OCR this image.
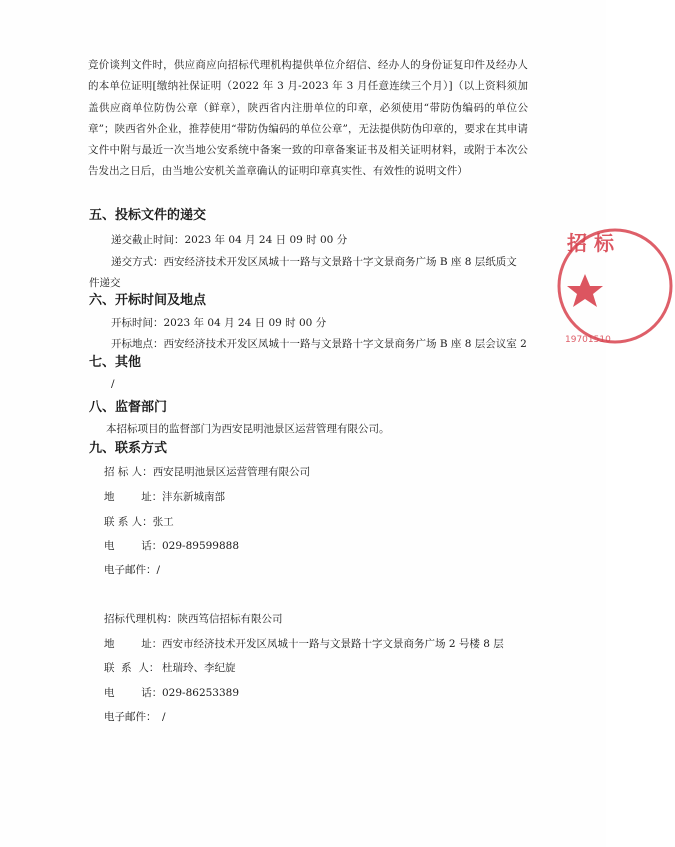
竞价谈判文件时，供应商应向招标代理机构提供单位介绍信、经办人的身份证复印件及经办人的本单位证明[缴纳社保证明（2022 年 3 月-2023 年 3 月任意连续三个月）]（以上资料须加盖供应商单位防伪公章（鲜章），陕西省内注册单位的印章，必须使用“带防伪编码的单位公章”；陕西省外企业，推荐使用“带防伪编码的单位公章”，无法提供防伪印章的，要求在其申请文件中附与最近一次当地公安系统中备案一致的印章备案证书及相关证明材料，或附于本次公告发出之日后，由当地公安机关盖章确认的证明印章真实性、有效性的说明文件）
五、投标文件的递交
递交截止时间：2023 年 04 月 24 日 09 时 00 分
递交方式：西安经济技术开发区凤城十一路与文景路十字文景商务广场 B 座 8 层纸质文
件递交
六、开标时间及地点
开标时间：2023 年 04 月 24 日 09 时 00 分
开标地点：西安经济技术开发区凤城十一路与文景路十字文景商务广场 B 座 8 层会议室 2
七、其他
/
八、监督部门
本招标项目的监督部门为西安昆明池景区运营管理有限公司。
九、联系方式
招 标 人：西安昆明池景区运营管理有限公司
地        址：沣东新城南部
联 系 人：张工
电        话：029-89599888
电子邮件：/
招标代理机构：陕西笃信招标有限公司
地        址：西安市经济技术开发区凤城十一路与文景路十字文景商务广场 2 号楼 8 层
联  系  人： 杜瑞玲、李纪旋
电        话：029-86253389
电子邮件： /
招 标
19701510
